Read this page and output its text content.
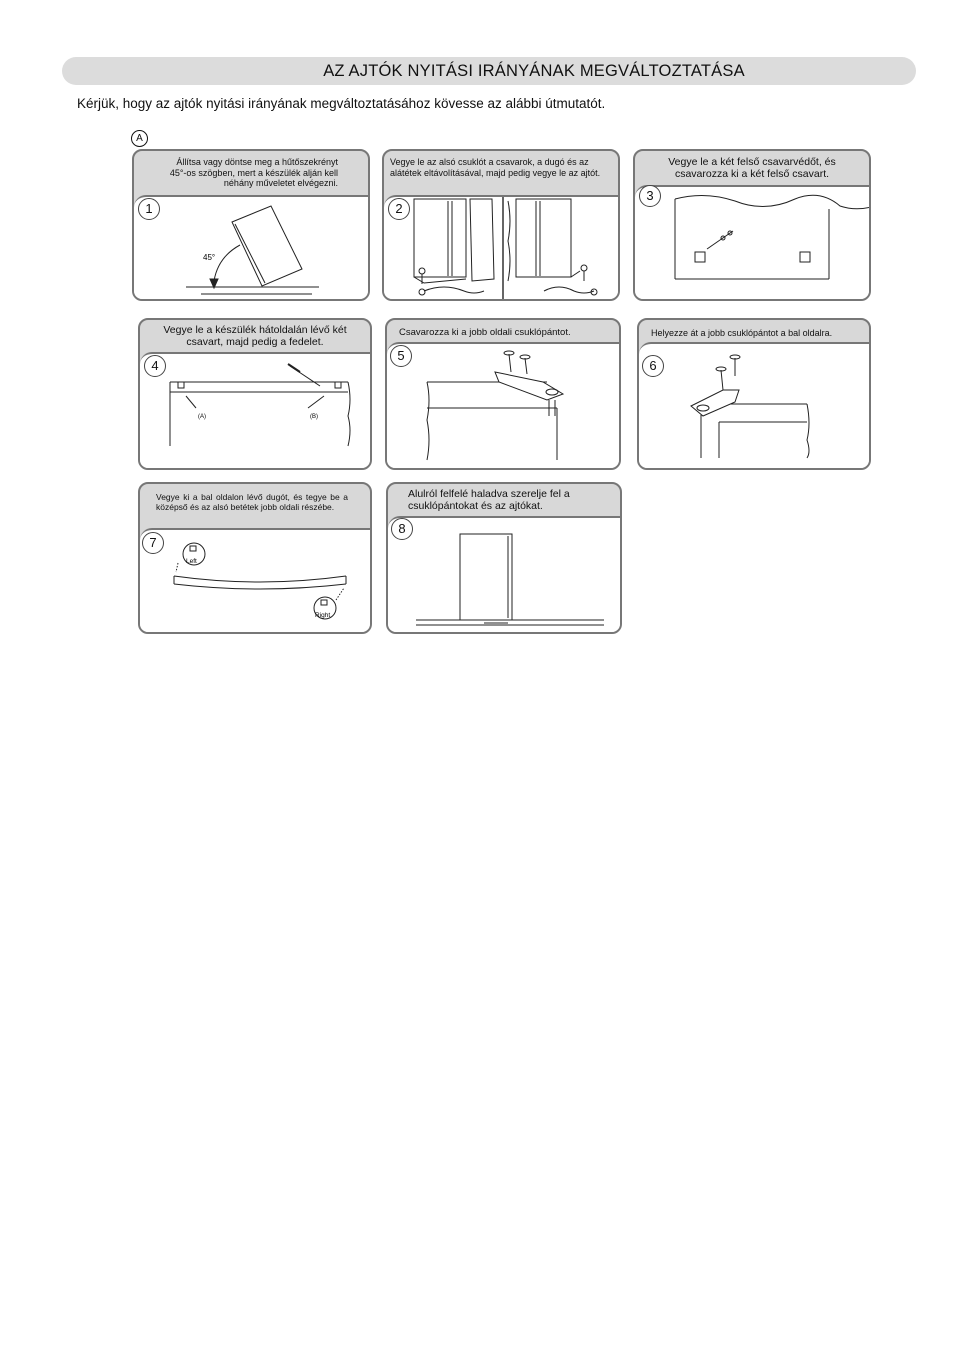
AZ AJTÓK NYITÁSI IRÁNYÁNAK MEGVÁLTOZTATÁSA
Kérjük, hogy az ajtók nyitási irányának megváltoztatásához kövesse az alábbi útmutatót.
A
Állítsa vagy döntse meg a hűtőszekrényt 45°-os szögben, mert a készülék alján kell néhány műveletet elvégezni.
1
45°
Vegye le az alsó csuklót a csavarok, a dugó és az alátétek eltávolításával, majd pedig vegye le az ajtót.
2
Vegye le a két felső csavarvédőt, és csavarozza ki a két felső csavart.
3
Vegye le a készülék hátoldalán lévő két csavart, majd pedig a fedelet.
4
(A)	(B)
Csavarozza ki a jobb oldali csuklópántot.
5
Helyezze át a jobb csuklópántot a bal oldalra.
6
Vegye ki a bal oldalon lévő dugót, és tegye be a középső és az alsó betétek jobb oldali részébe.
7
Left
Right
Alulról felfelé haladva szerelje fel a csuklópántokat és az ajtókat.
8
